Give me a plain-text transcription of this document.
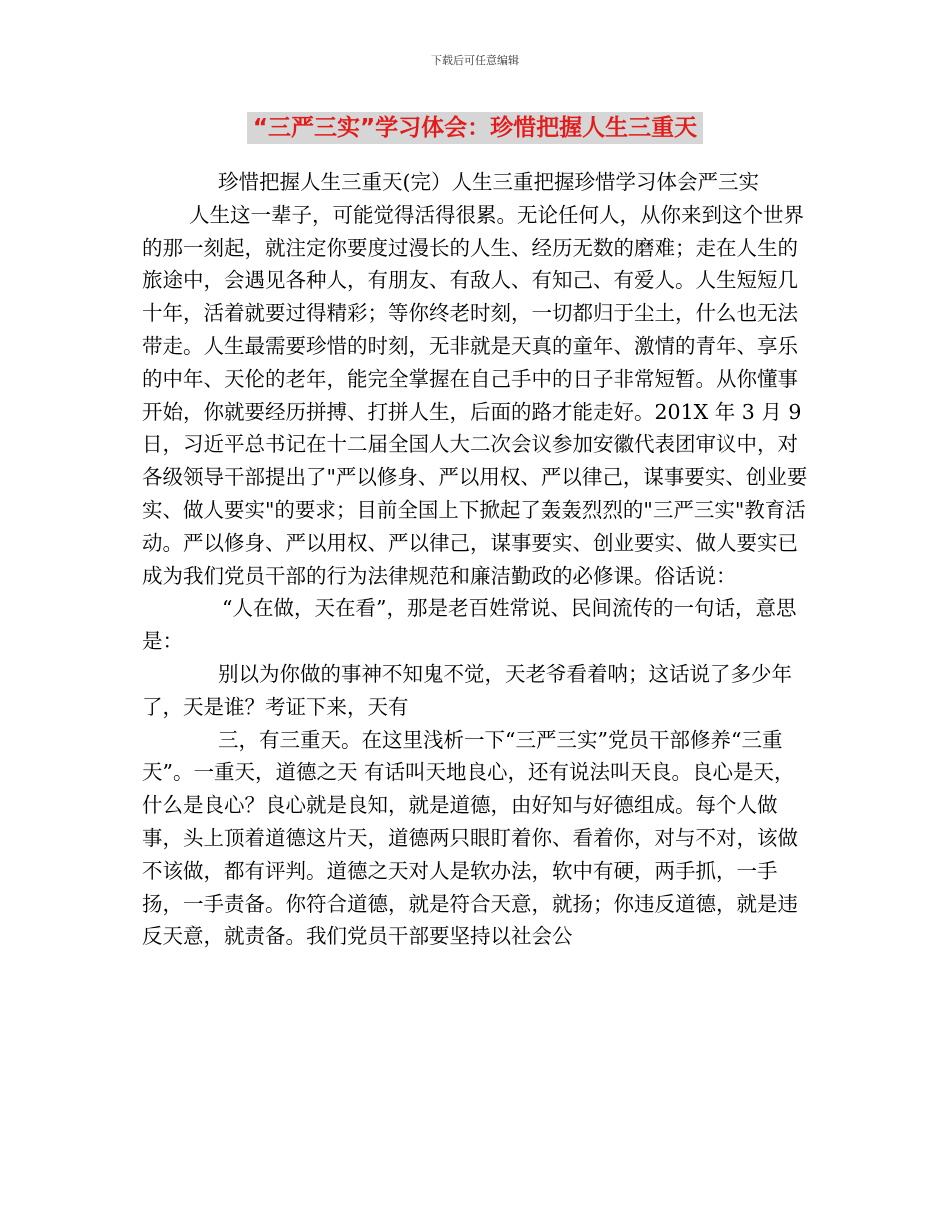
下载后可任意编辑
“三严三实”学习体会：珍惜把握人生三重天

珍惜把握人生三重天(完）人生三重把握珍惜学习体会严三实

人生这一辈子，可能觉得活得很累。无论任何人，从你来到这个世界的那一刻起，就注定你要度过漫长的人生、经历无数的磨难；走在人生的旅途中，会遇见各种人，有朋友、有敌人、有知己、有爱人。人生短短几十年，活着就要过得精彩；等你终老时刻，一切都归于尘土，什么也无法带走。人生最需要珍惜的时刻，无非就是天真的童年、激情的青年、享乐的中年、天伦的老年，能完全掌握在自己手中的日子非常短暂。从你懂事开始，你就要经历拼搏、打拼人生，后面的路才能走好。201X 年 3 月 9 日，习近平总书记在十二届全国人大二次会议参加安徽代表团审议中，对各级领导干部提出了"严以修身、严以用权、严以律己，谋事要实、创业要实、做人要实"的要求；目前全国上下掀起了轰轰烈烈的"三严三实"教育活动。严以修身、严以用权、严以律己，谋事要实、创业要实、做人要实已成为我们党员干部的行为法律规范和廉洁勤政的必修课。俗话说：

“人在做，天在看”，那是老百姓常说、民间流传的一句话，意思是：

别以为你做的事神不知鬼不觉，天老爷看着呐；这话说了多少年了，天是谁？考证下来，天有

三，有三重天。在这里浅析一下“三严三实”党员干部修养“三重天”。一重天，道德之天 有话叫天地良心，还有说法叫天良。良心是天，什么是良心？良心就是良知，就是道德，由好知与好德组成。每个人做事，头上顶着道德这片天，道德两只眼盯着你、看着你，对与不对，该做不该做，都有评判。道德之天对人是软办法，软中有硬，两手抓，一手扬，一手责备。你符合道德，就是符合天意，就扬；你违反道德，就是违反天意，就责备。我们党员干部要坚持以社会公
